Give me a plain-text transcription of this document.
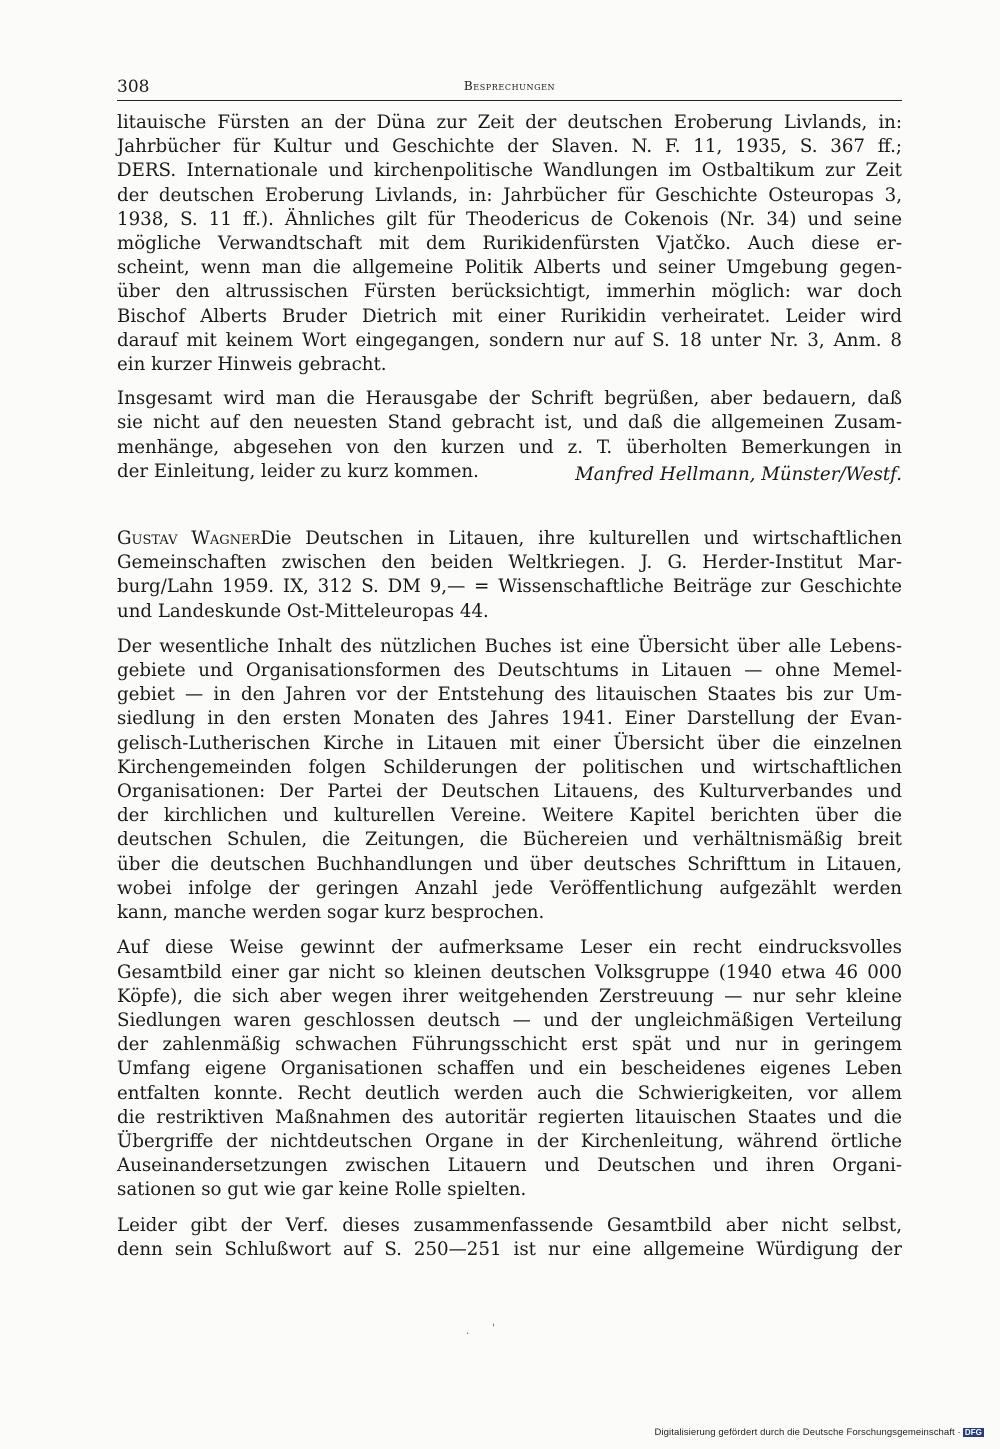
308	Besprechungen

litauische Fürsten an der Düna zur Zeit der deutschen Eroberung Livlands, in:
Jahrbücher für Kultur und Geschichte der Slaven. N. F. 11, 1935, S. 367 ff.;
DERS. Internationale und kirchenpolitische Wandlungen im Ostbaltikum zur Zeit
der deutschen Eroberung Livlands, in: Jahrbücher für Geschichte Osteuropas 3,
1938, S. 11 ff.). Ähnliches gilt für Theodericus de Cokenois (Nr. 34) und seine
mögliche Verwandtschaft mit dem Rurikidenfürsten Vjatčko. Auch diese er-
scheint, wenn man die allgemeine Politik Alberts und seiner Umgebung gegen-
über den altrussischen Fürsten berücksichtigt, immerhin möglich: war doch
Bischof Alberts Bruder Dietrich mit einer Rurikidin verheiratet. Leider wird
darauf mit keinem Wort eingegangen, sondern nur auf S. 18 unter Nr. 3, Anm. 8
ein kurzer Hinweis gebracht.

Insgesamt wird man die Herausgabe der Schrift begrüßen, aber bedauern, daß
sie nicht auf den neuesten Stand gebracht ist, und daß die allgemeinen Zusam-
menhänge, abgesehen von den kurzen und z. T. überholten Bemerkungen in

der Einleitung, leider zu kurz kommen.	Manfred Hellmann, Münster/Westf.

Gustav WagnerDie Deutschen in Litauen, ihre kulturellen und wirtschaftlichen
Gemeinschaften zwischen den beiden Weltkriegen. J. G. Herder-Institut Mar-
burg/Lahn 1959. IX, 312 S. DM 9,— = Wissenschaftliche Beiträge zur Geschichte
und Landeskunde Ost-Mitteleuropas 44.

Der wesentliche Inhalt des nützlichen Buches ist eine Übersicht über alle Lebens-
gebiete und Organisationsformen des Deutschtums in Litauen — ohne Memel-
gebiet — in den Jahren vor der Entstehung des litauischen Staates bis zur Um-
siedlung in den ersten Monaten des Jahres 1941. Einer Darstellung der Evan-
gelisch-Lutherischen Kirche in Litauen mit einer Übersicht über die einzelnen
Kirchengemeinden folgen Schilderungen der politischen und wirtschaftlichen
Organisationen: Der Partei der Deutschen Litauens, des Kulturverbandes und
der kirchlichen und kulturellen Vereine. Weitere Kapitel berichten über die
deutschen Schulen, die Zeitungen, die Büchereien und verhältnismäßig breit
über die deutschen Buchhandlungen und über deutsches Schrifttum in Litauen,
wobei infolge der geringen Anzahl jede Veröffentlichung aufgezählt werden
kann, manche werden sogar kurz besprochen.

Auf diese Weise gewinnt der aufmerksame Leser ein recht eindrucksvolles
Gesamtbild einer gar nicht so kleinen deutschen Volksgruppe (1940 etwa 46 000
Köpfe), die sich aber wegen ihrer weitgehenden Zerstreuung — nur sehr kleine
Siedlungen waren geschlossen deutsch — und der ungleichmäßigen Verteilung
der zahlenmäßig schwachen Führungsschicht erst spät und nur in geringem
Umfang eigene Organisationen schaffen und ein bescheidenes eigenes Leben
entfalten konnte. Recht deutlich werden auch die Schwierigkeiten, vor allem
die restriktiven Maßnahmen des autoritär regierten litauischen Staates und die
Übergriffe der nichtdeutschen Organe in der Kirchenleitung, während örtliche
Auseinandersetzungen zwischen Litauern und Deutschen und ihren Organi-
sationen so gut wie gar keine Rolle spielten.

Leider gibt der Verf. dieses zusammenfassende Gesamtbild aber nicht selbst,
denn sein Schlußwort auf S. 250—251 ist nur eine allgemeine Würdigung der

. '
Digitalisierung gefördert durch die Deutsche Forschungsgemeinschaft · DFG
